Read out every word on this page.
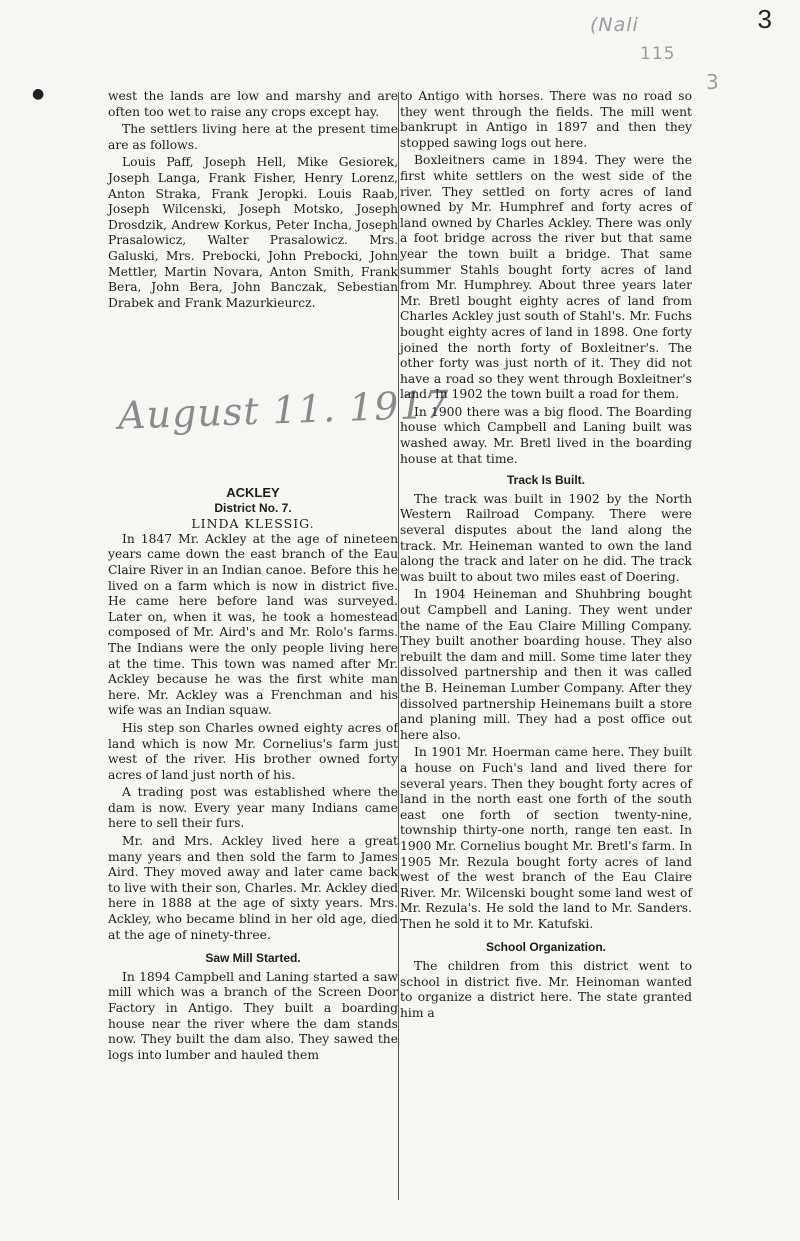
3
(Nali
115
3
●	west the lands are low and marshy and are often too wet to raise any crops except hay.

The settlers living here at the present time are as follows.

Louis Paff, Joseph Hell, Mike Gesiorek, Joseph Langa, Frank Fisher, Henry Lorenz, Anton Straka, Frank Jeropki. Louis Raab, Joseph Wilcenski, Joseph Motsko, Joseph Drosdzik, Andrew Korkus, Peter Incha, Joseph Prasalowicz, Walter Prasalowicz. Mrs. Galuski, Mrs. Prebocki, John Prebocki, John Mettler, Martin Novara, Anton Smith, Frank Bera, John Bera, John Banczak, Sebestian Drabek and Frank Mazurkieurcz.

August 11. 1917

ACKLEY

District No. 7.

LINDA KLESSIG.

In 1847 Mr. Ackley at the age of nineteen years came down the east branch of the Eau Claire River in an Indian canoe. Before this he lived on a farm which is now in district five. He came here before land was surveyed. Later on, when it was, he took a homestead composed of Mr. Aird's and Mr. Rolo's farms. The Indians were the only people living here at the time. This town was named after Mr. Ackley because he was the first white man here. Mr. Ackley was a Frenchman and his wife was an Indian squaw.

His step son Charles owned eighty acres of land which is now Mr. Cornelius's farm just west of the river. His brother owned forty acres of land just north of his.

A trading post was established where the dam is now. Every year many Indians came here to sell their furs.

Mr. and Mrs. Ackley lived here a great many years and then sold the farm to James Aird. They moved away and later came back to live with their son, Charles. Mr. Ackley died here in 1888 at the age of sixty years. Mrs. Ackley, who became blind in her old age, died at the age of ninety-three.

Saw Mill Started.

In 1894 Campbell and Laning started a saw mill which was a branch of the Screen Door Factory in Antigo. They built a boarding house near the river where the dam stands now. They built the dam also. They sawed the logs into lumber and hauled them

to Antigo with horses. There was no road so they went through the fields. The mill went bankrupt in Antigo in 1897 and then they stopped sawing logs out here.

Boxleitners came in 1894. They were the first white settlers on the west side of the river. They settled on forty acres of land owned by Mr. Humphref and forty acres of land owned by Charles Ackley. There was only a foot bridge across the river but that same year the town built a bridge. That same summer Stahls bought forty acres of land from Mr. Humphrey. About three years later Mr. Bretl bought eighty acres of land from Charles Ackley just south of Stahl's. Mr. Fuchs bought eighty acres of land in 1898. One forty joined the north forty of Boxleitner's. The other forty was just north of it. They did not have a road so they went through Boxleitner's land. In 1902 the town built a road for them.

In 1900 there was a big flood. The Boarding house which Campbell and Laning built was washed away. Mr. Bretl lived in the boarding house at that time.

Track Is Built.

The track was built in 1902 by the North Western Railroad Company. There were several disputes about the land along the track. Mr. Heineman wanted to own the land along the track and later on he did. The track was built to about two miles east of Doering.

In 1904 Heineman and Shuhbring bought out Campbell and Laning. They went under the name of the Eau Claire Milling Company. They built another boarding house. They also rebuilt the dam and mill. Some time later they dissolved partnership and then it was called the B. Heineman Lumber Company. After they dissolved partnership Heinemans built a store and planing mill. They had a post office out here also.

In 1901 Mr. Hoerman came here. They built a house on Fuch's land and lived there for several years. Then they bought forty acres of land in the north east one forth of the south east one forth of section twenty-nine, township thirty-one north, range ten east. In 1900 Mr. Cornelius bought Mr. Bretl's farm. In 1905 Mr. Rezula bought forty acres of land west of the west branch of the Eau Claire River. Mr. Wilcenski bought some land west of Mr. Rezula's. He sold the land to Mr. Sanders. Then he sold it to Mr. Katufski.

School Organization.

The children from this district went to school in district five. Mr. Heinoman wanted to organize a district here. The state granted him a
